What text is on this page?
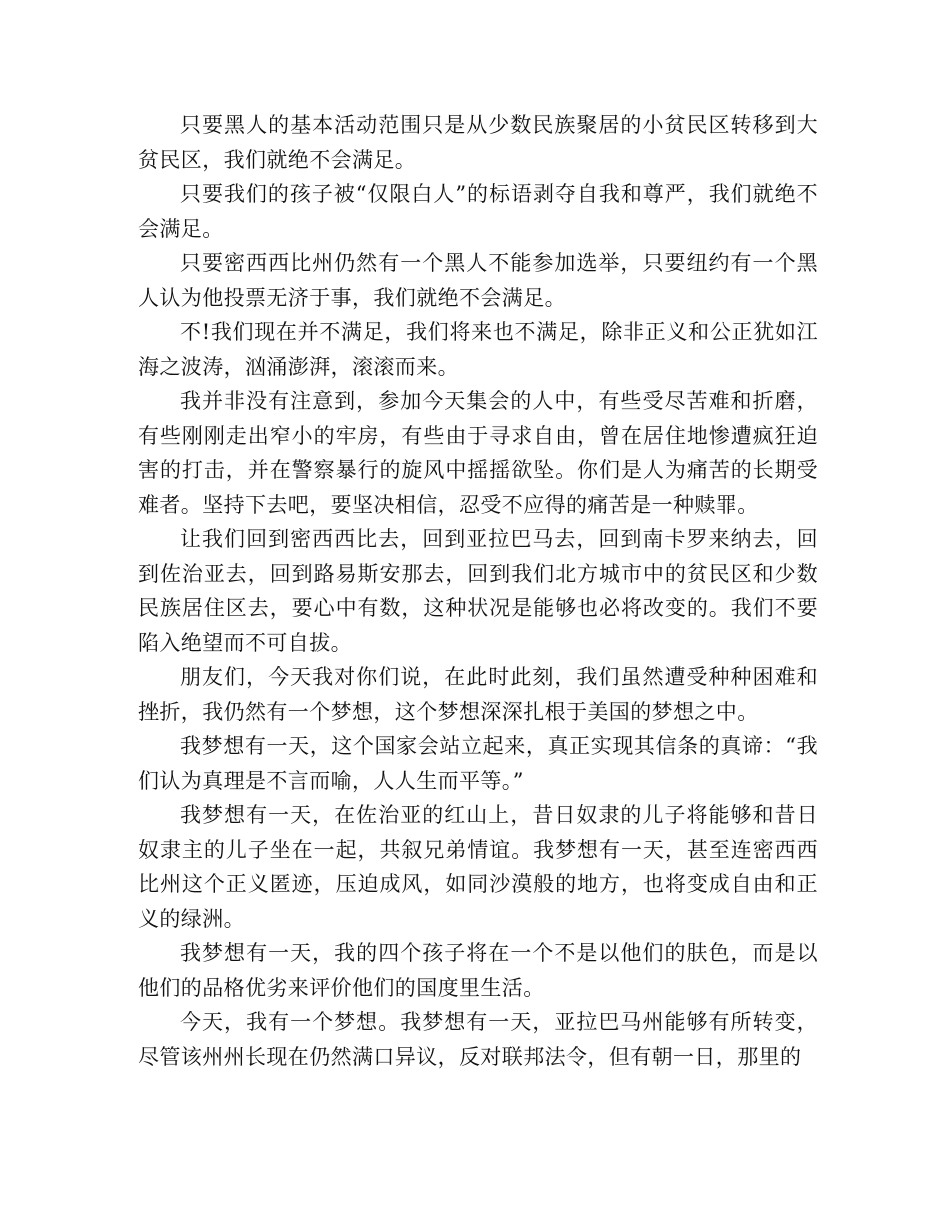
只要黑人的基本活动范围只是从少数民族聚居的小贫民区转移到大贫民区，我们就绝不会满足。

只要我们的孩子被“仅限白人”的标语剥夺自我和尊严，我们就绝不会满足。

只要密西西比州仍然有一个黑人不能参加选举，只要纽约有一个黑人认为他投票无济于事，我们就绝不会满足。

不!我们现在并不满足，我们将来也不满足，除非正义和公正犹如江海之波涛，汹涌澎湃，滚滚而来。

我并非没有注意到，参加今天集会的人中，有些受尽苦难和折磨，有些刚刚走出窄小的牢房，有些由于寻求自由，曾在居住地惨遭疯狂迫害的打击，并在警察暴行的旋风中摇摇欲坠。你们是人为痛苦的长期受难者。坚持下去吧，要坚决相信，忍受不应得的痛苦是一种赎罪。

让我们回到密西西比去，回到亚拉巴马去，回到南卡罗来纳去，回到佐治亚去，回到路易斯安那去，回到我们北方城市中的贫民区和少数民族居住区去，要心中有数，这种状况是能够也必将改变的。我们不要陷入绝望而不可自拔。

朋友们，今天我对你们说，在此时此刻，我们虽然遭受种种困难和挫折，我仍然有一个梦想，这个梦想深深扎根于美国的梦想之中。

我梦想有一天，这个国家会站立起来，真正实现其信条的真谛：“我们认为真理是不言而喻，人人生而平等。”

我梦想有一天，在佐治亚的红山上，昔日奴隶的儿子将能够和昔日奴隶主的儿子坐在一起，共叙兄弟情谊。我梦想有一天，甚至连密西西比州这个正义匿迹，压迫成风，如同沙漠般的地方，也将变成自由和正义的绿洲。

我梦想有一天，我的四个孩子将在一个不是以他们的肤色，而是以他们的品格优劣来评价他们的国度里生活。

今天，我有一个梦想。我梦想有一天，亚拉巴马州能够有所转变，尽管该州州长现在仍然满口异议，反对联邦法令，但有朝一日，那里的
